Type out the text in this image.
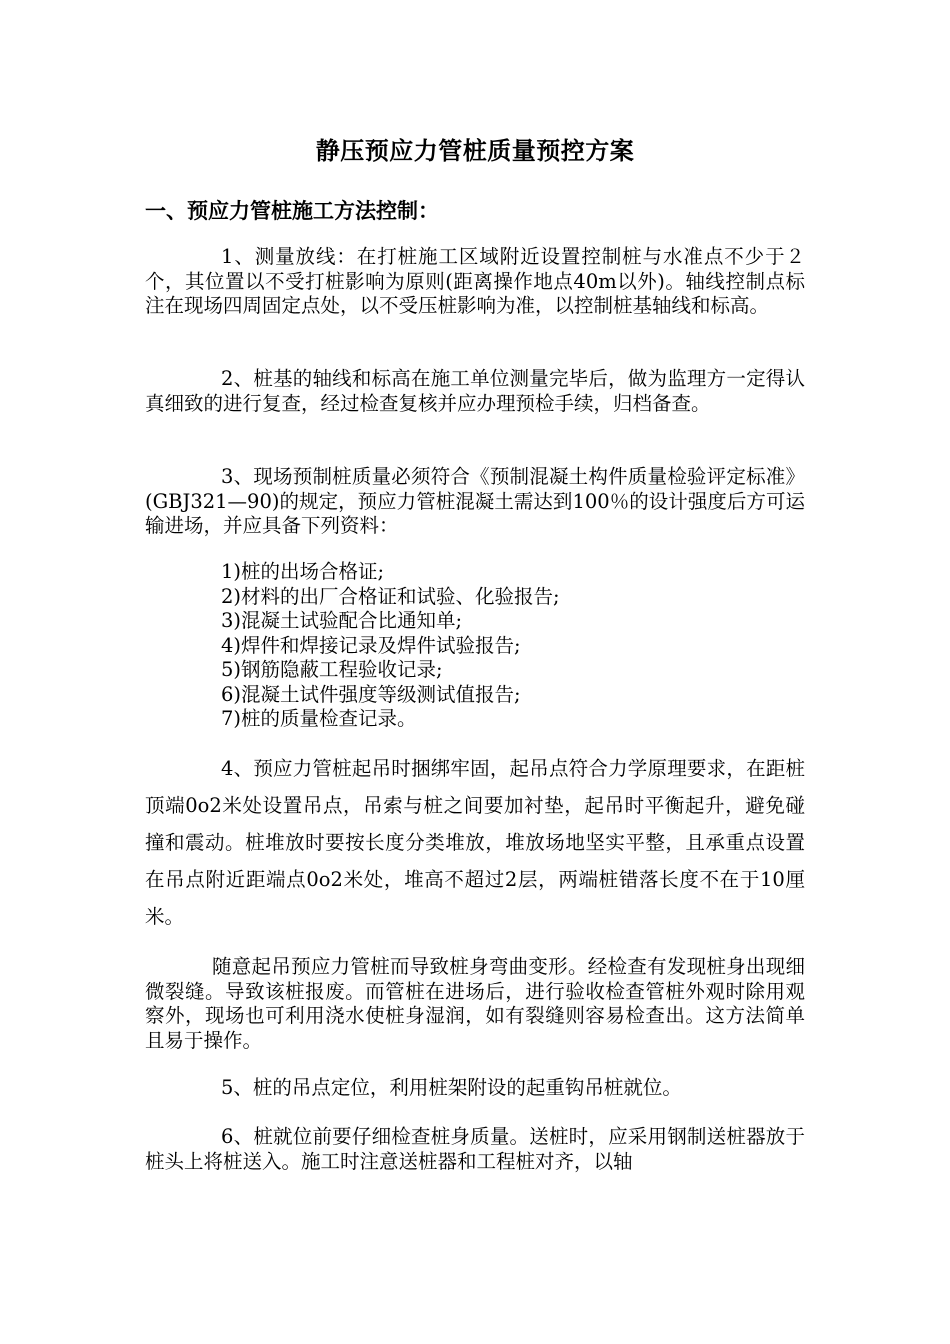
静压预应力管桩质量预控方案
一、预应力管桩施工方法控制：
1、测量放线：在打桩施工区域附近设置控制桩与水准点不少于２个，其位置以不受打桩影响为原则(距离操作地点40m以外)。轴线控制点标注在现场四周固定点处，以不受压桩影响为准，以控制桩基轴线和标高。
2、桩基的轴线和标高在施工单位测量完毕后，做为监理方一定得认真细致的进行复查，经过检查复核并应办理预检手续，归档备查。
3、现场预制桩质量必须符合《预制混凝土构件质量检验评定标准》(GBJ321—90)的规定，预应力管桩混凝土需达到100％的设计强度后方可运输进场，并应具备下列资料：
1)桩的出场合格证;
2)材料的出厂合格证和试验、化验报告;
3)混凝土试验配合比通知单;
4)焊件和焊接记录及焊件试验报告;
5)钢筋隐蔽工程验收记录;
6)混凝土试件强度等级测试值报告;
7)桩的质量检查记录。
4、预应力管桩起吊时捆绑牢固，起吊点符合力学原理要求，在距桩顶端0o2米处设置吊点，吊索与桩之间要加衬垫，起吊时平衡起升，避免碰撞和震动。桩堆放时要按长度分类堆放，堆放场地坚实平整，且承重点设置在吊点附近距端点0o2米处，堆高不超过2层，两端桩错落长度不在于10厘米。
随意起吊预应力管桩而导致桩身弯曲变形。经检查有发现桩身出现细微裂缝。导致该桩报废。而管桩在进场后，进行验收检查管桩外观时除用观察外，现场也可利用浇水使桩身湿润，如有裂缝则容易检查出。这方法简单且易于操作。
5、桩的吊点定位，利用桩架附设的起重钩吊桩就位。
6、桩就位前要仔细检查桩身质量。送桩时，应采用钢制送桩器放于桩头上将桩送入。施工时注意送桩器和工程桩对齐，以轴
